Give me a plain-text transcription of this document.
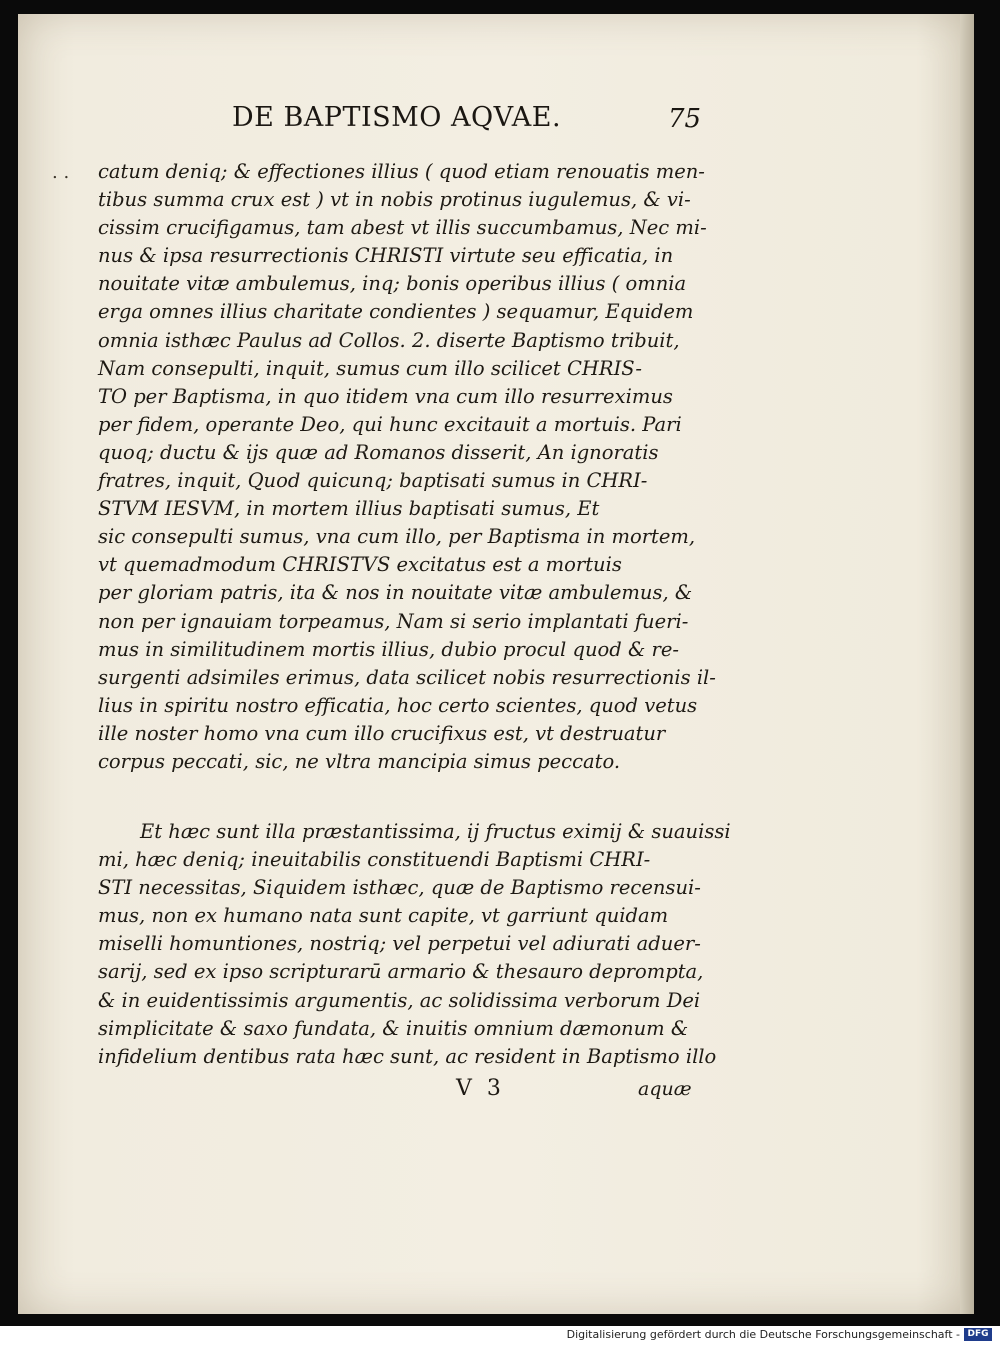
DE BAPTISMO AQVAE.	75
. . catum deniq; & effectiones illius ( quod etiam renouatis men-
tibus summa crux est ) vt in nobis protinus iugulemus, & vi-
cissim crucifigamus, tam abest vt illis succumbamus, Nec mi-
nus & ipsa resurrectionis CHRISTI virtute seu efficatia, in
nouitate vitæ ambulemus, inq; bonis operibus illius ( omnia
erga omnes illius charitate condientes ) sequamur, Equidem
omnia isthæc Paulus ad Collos. 2. diserte Baptismo tribuit,
Nam consepulti, inquit, sumus cum illo scilicet CHRIS-
TO per Baptisma, in quo itidem vna cum illo resurreximus
per fidem, operante Deo, qui hunc excitauit a mortuis. Pari
quoq; ductu & ijs quæ ad Romanos disserit, An ignoratis
fratres, inquit, Quod quicunq; baptisati sumus in CHRI-
STVM IESVM, in mortem illius baptisati sumus, Et
sic consepulti sumus, vna cum illo, per Baptisma in mortem,
vt quemadmodum CHRISTVS excitatus est a mortuis
per gloriam patris, ita & nos in nouitate vitæ ambulemus, &
non per ignauiam torpeamus, Nam si serio implantati fueri-
mus in similitudinem mortis illius, dubio procul quod & re-
surgenti adsimiles erimus, data scilicet nobis resurrectionis il-
lius in spiritu nostro efficatia, hoc certo scientes, quod vetus
ille noster homo vna cum illo crucifixus est, vt destruatur
corpus peccati, sic, ne vltra mancipia simus peccato.
Et hæc sunt illa præstantissima, ij fructus eximij & suauissi
mi, hæc deniq; ineuitabilis constituendi Baptismi CHRI-
STI necessitas, Siquidem isthæc, quæ de Baptismo recensui-
mus, non ex humano nata sunt capite, vt garriunt quidam
miselli homuntiones, nostriq; vel perpetui vel adiurati aduer-
sarij, sed ex ipso scripturarū armario & thesauro deprompta,
& in euidentissimis argumentis, ac solidissima verborum Dei
simplicitate & saxo fundata, & inuitis omnium dæmonum &
infidelium dentibus rata hæc sunt, ac resident in Baptismo illo
V 3	aquæ
Digitalisierung gefördert durch die Deutsche Forschungsgemeinschaft - DFG
